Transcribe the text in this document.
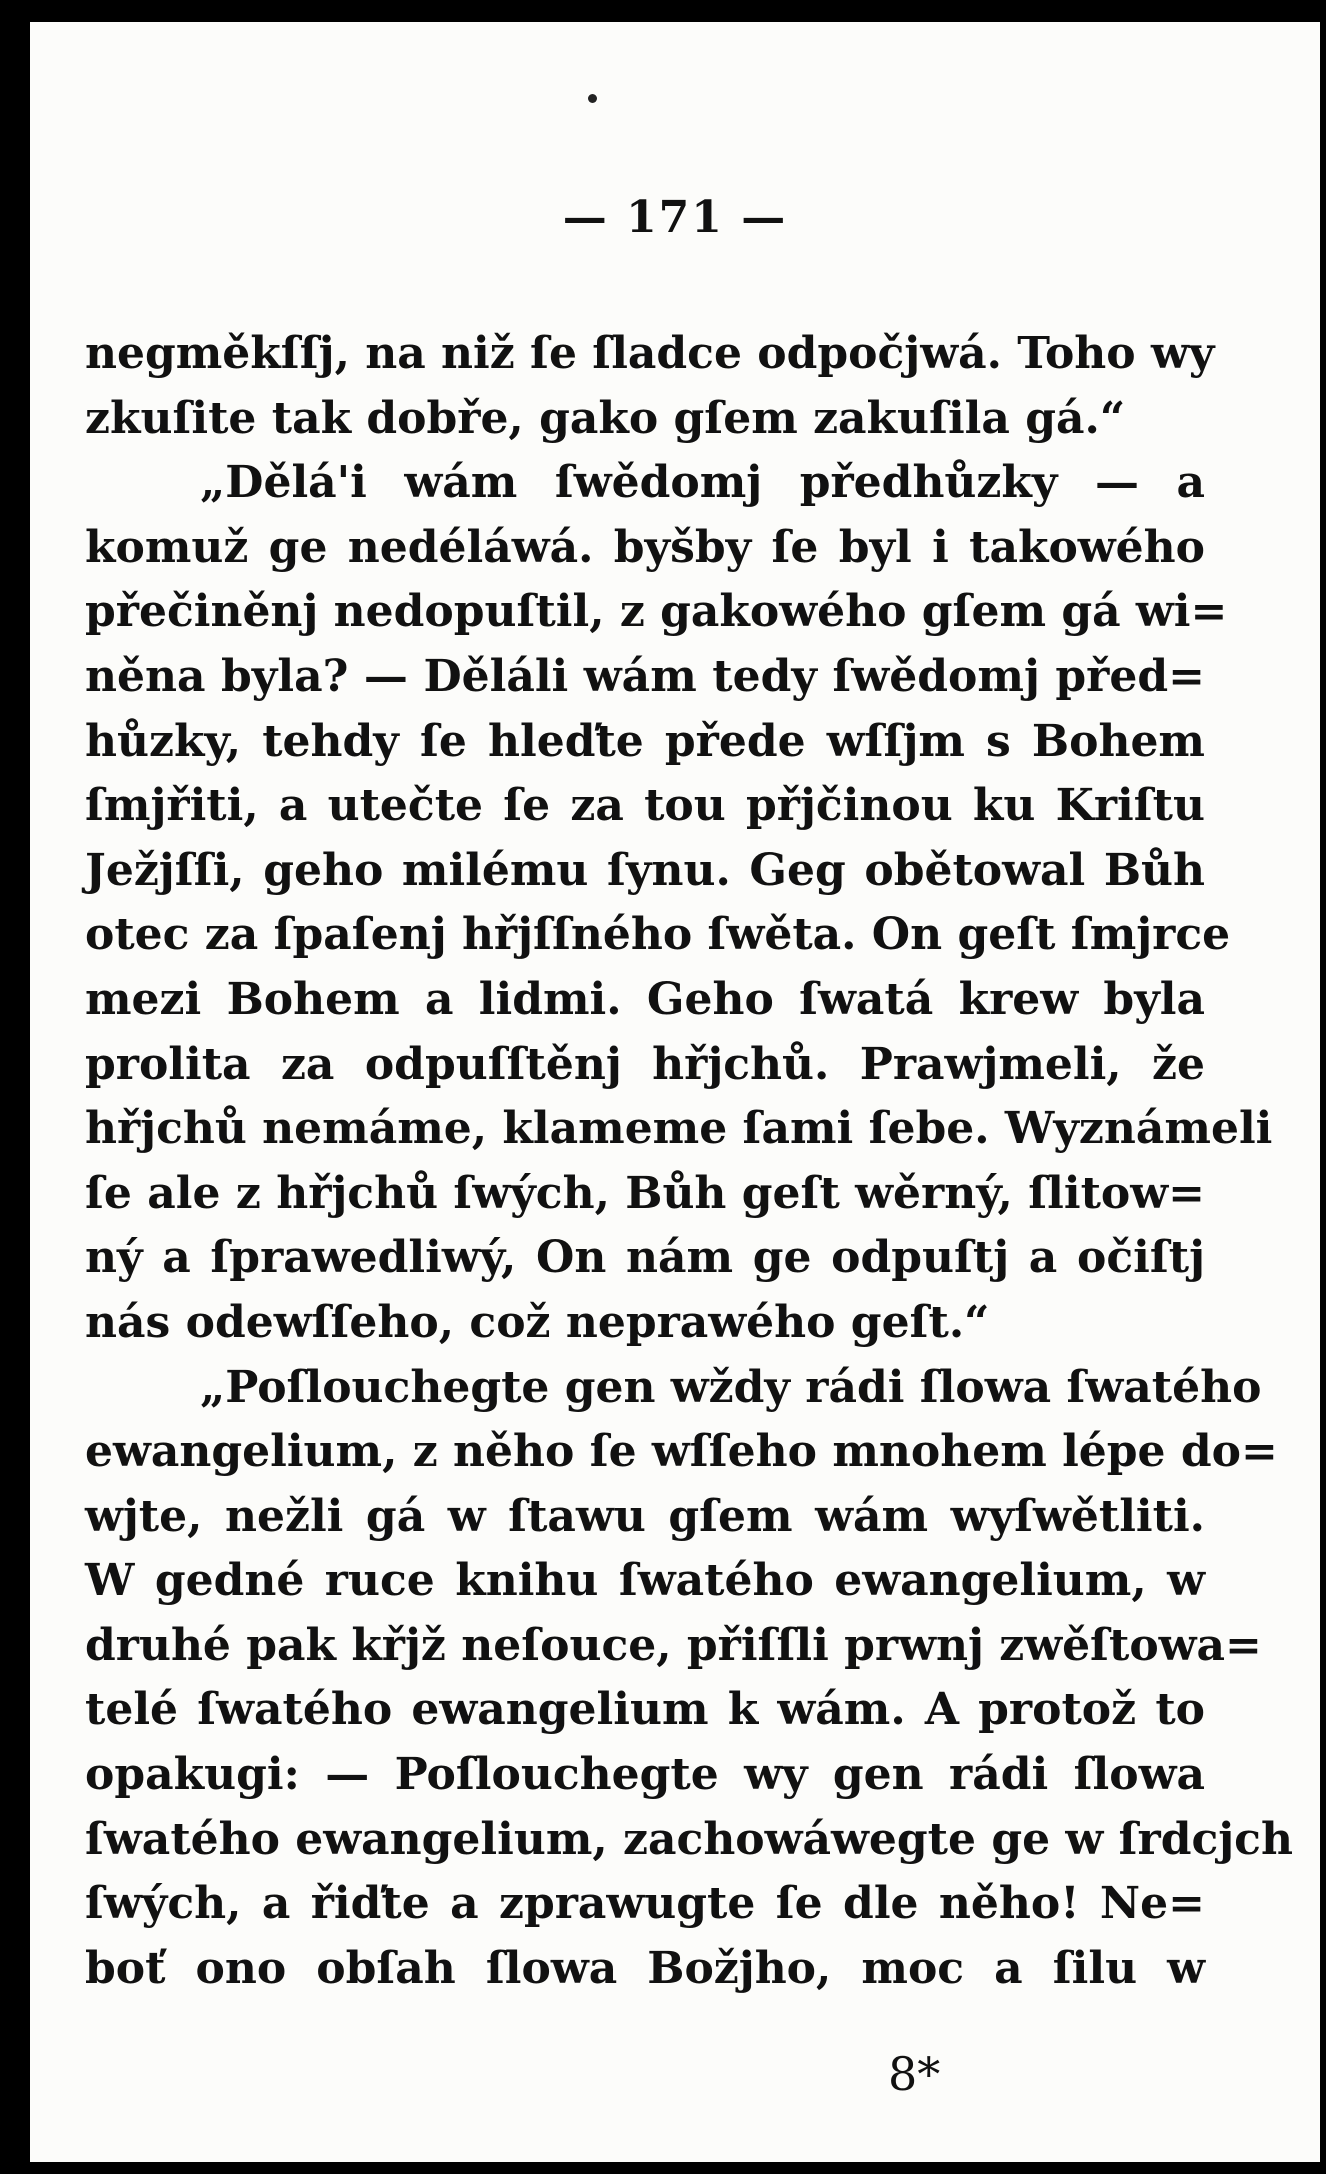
— 171 —
negměkſſj, na niž ſe ſladce odpočjwá. Toho wy
zkuſite tak dobře, gako gſem zakuſila gá.“
„Dělá'i wám ſwědomj předhůzky — a
komuž ge nedéláwá. byšby ſe byl i takowého
přečiněnj nedopuſtil, z gakowého gſem gá wi=
něna byla? — Děláli wám tedy ſwědomj před=
hůzky, tehdy ſe hleďte přede wſſjm s Bohem
ſmjřiti, a utečte ſe za tou přjčinou ku Kriſtu
Ježjſſi, geho milému ſynu. Geg obětowal Bůh
otec za ſpaſenj hřjſſného ſwěta. On geſt ſmjrce
mezi Bohem a lidmi. Geho ſwatá krew byla
prolita za odpuſſtěnj hřjchů. Prawjmeli, že
hřjchů nemáme, klameme ſami ſebe. Wyznámeli
ſe ale z hřjchů ſwých, Bůh geſt wěrný, ſlitow=
ný a ſprawedliwý, On nám ge odpuſtj a očiſtj
nás odewſſeho, což neprawého geſt.“
„Poſlouchegte gen wždy rádi ſlowa ſwatého
ewangelium, z něho ſe wſſeho mnohem lépe do=
wjte, nežli gá w ſtawu gſem wám wyſwětliti.
W gedné ruce knihu ſwatého ewangelium, w
druhé pak křjž neſouce, přiſſli prwnj zwěſtowa=
telé ſwatého ewangelium k wám. A protož to
opakugi: — Poſlouchegte wy gen rádi ſlowa
ſwatého ewangelium, zachowáwegte ge w ſrdcjch
ſwých, a řiďte a zprawugte ſe dle něho! Ne=
boť ono obſah ſlowa Božjho, moc a ſilu w
8*
